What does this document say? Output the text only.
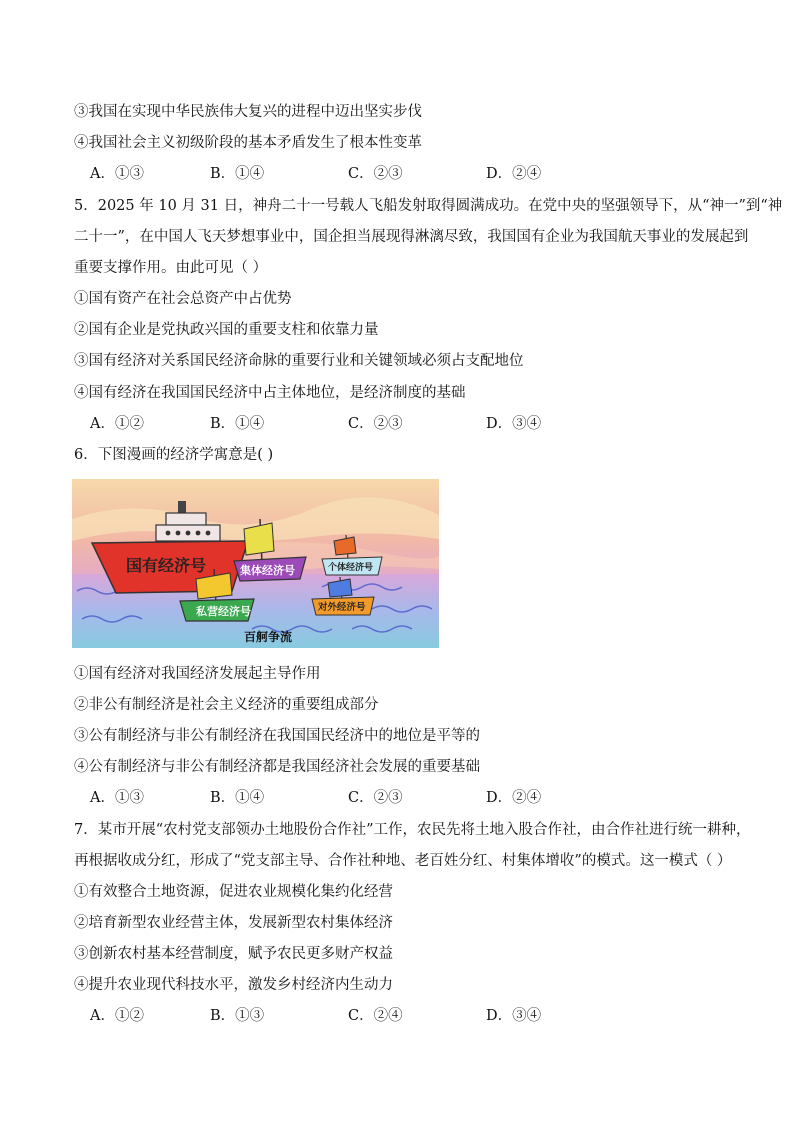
③我国在实现中华民族伟大复兴的进程中迈出坚实步伐
④我国社会主义初级阶段的基本矛盾发生了根本性变革
A．①③	B．①④	C．②③	D．②④
5．2025 年 10 月 31 日，神舟二十一号载人飞船发射取得圆满成功。在党中央的坚强领导下，从“神一”到“神
二十一”，在中国人飞天梦想事业中，国企担当展现得淋漓尽致，我国国有企业为我国航天事业的发展起到
重要支撑作用。由此可见（ ）
①国有资产在社会总资产中占优势
②国有企业是党执政兴国的重要支柱和依靠力量
③国有经济对关系国民经济命脉的重要行业和关键领域必须占支配地位
④国有经济在我国国民经济中占主体地位，是经济制度的基础
A．①②	B．①④	C．②③	D．③④
6．下图漫画的经济学寓意是( )
国有经济号	集体经济号	个体经济号
私营经济号	对外经济号
百舸争流
①国有经济对我国经济发展起主导作用
②非公有制经济是社会主义经济的重要组成部分
③公有制经济与非公有制经济在我国国民经济中的地位是平等的
④公有制经济与非公有制经济都是我国经济社会发展的重要基础
A．①③	B．①④	C．②③	D．②④
7．某市开展“农村党支部领办土地股份合作社”工作，农民先将土地入股合作社，由合作社进行统一耕种，
再根据收成分红，形成了“党支部主导、合作社种地、老百姓分红、村集体增收”的模式。这一模式（ ）
①有效整合土地资源，促进农业规模化集约化经营
②培育新型农业经营主体，发展新型农村集体经济
③创新农村基本经营制度，赋予农民更多财产权益
④提升农业现代科技水平，激发乡村经济内生动力
A．①②	B．①③	C．②④	D．③④
